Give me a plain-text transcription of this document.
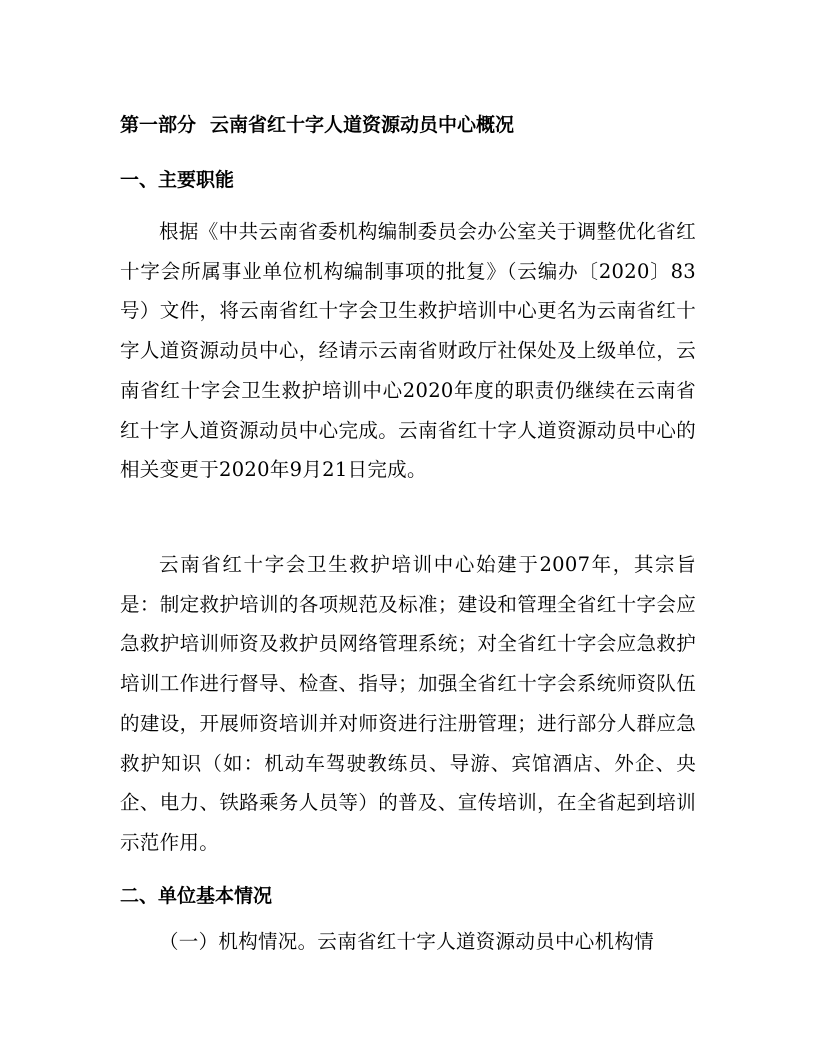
第一部分 云南省红十字人道资源动员中心概况
一、主要职能

根据《中共云南省委机构编制委员会办公室关于调整优化省红十字会所属事业单位机构编制事项的批复》（云编办〔2020〕83号）文件，将云南省红十字会卫生救护培训中心更名为云南省红十字人道资源动员中心，经请示云南省财政厅社保处及上级单位，云南省红十字会卫生救护培训中心2020年度的职责仍继续在云南省红十字人道资源动员中心完成。云南省红十字人道资源动员中心的相关变更于2020年9月21日完成。

云南省红十字会卫生救护培训中心始建于2007年，其宗旨是：制定救护培训的各项规范及标准；建设和管理全省红十字会应急救护培训师资及救护员网络管理系统；对全省红十字会应急救护培训工作进行督导、检查、指导；加强全省红十字会系统师资队伍的建设，开展师资培训并对师资进行注册管理；进行部分人群应急救护知识（如：机动车驾驶教练员、导游、宾馆酒店、外企、央企、电力、铁路乘务人员等）的普及、宣传培训，在全省起到培训示范作用。

二、单位基本情况

（一）机构情况。云南省红十字人道资源动员中心机构情
